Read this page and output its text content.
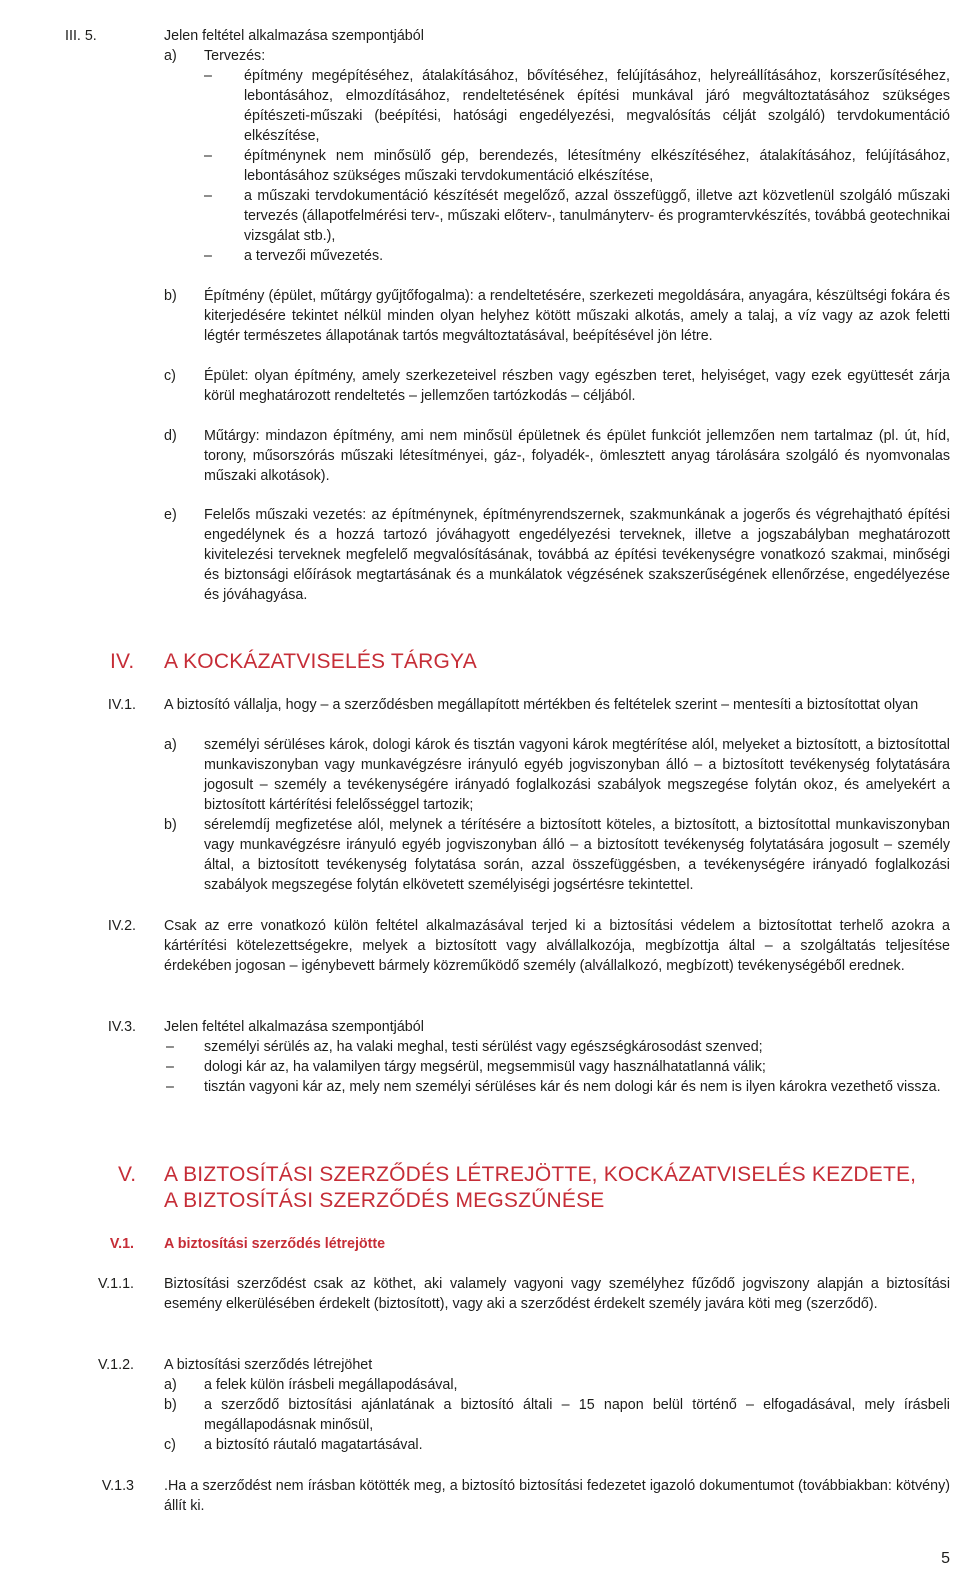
III. 5.	Jelen feltétel alkalmazása szempontjából
a) Tervezés:
– építmény megépítéséhez, átalakításához, bővítéséhez, felújításához, helyreállításához, korszerűsítéséhez, lebontásához, elmozdításához, rendeltetésének építési munkával járó megváltoztatásához szükséges építészeti-műszaki (beépítési, hatósági engedélyezési, megvalósítás célját szolgáló) tervdokumentáció elkészítése,
– építménynek nem minősülő gép, berendezés, létesítmény elkészítéséhez, átalakításához, felújításához, lebontásához szükséges műszaki tervdokumentáció elkészítése,
– a műszaki tervdokumentáció készítését megelőző, azzal összefüggő, illetve azt közvetlenül szolgáló műszaki tervezés (állapotfelmérési terv-, műszaki előterv-, tanulmányterv- és programtervkészítés, továbbá geotechnikai vizsgálat stb.),
– a tervezői művezetés.
b) Építmény (épület, műtárgy gyűjtőfogalma): a rendeltetésére, szerkezeti megoldására, anyagára, készültségi fokára és kiterjedésére tekintet nélkül minden olyan helyhez kötött műszaki alkotás, amely a talaj, a víz vagy az azok feletti légtér természetes állapotának tartós megváltoztatásával, beépítésével jön létre.
c) Épület: olyan építmény, amely szerkezeteivel részben vagy egészben teret, helyiséget, vagy ezek együttesét zárja körül meghatározott rendeltetés – jellemzően tartózkodás – céljából.
d) Műtárgy: mindazon építmény, ami nem minősül épületnek és épület funkciót jellemzően nem tartalmaz (pl. út, híd, torony, műsorszórás műszaki létesítményei, gáz-, folyadék-, ömlesztett anyag tárolására szolgáló és nyomvonalas műszaki alkotások).
e) Felelős műszaki vezetés: az építménynek, építményrendszernek, szakmunkának a jogerős és végrehajtható építési engedélynek és a hozzá tartozó jóváhagyott engedélyezési terveknek, illetve a jogszabályban meghatározott kivitelezési terveknek megfelelő megvalósításának, továbbá az építési tevékenységre vonatkozó szakmai, minőségi és biztonsági előírások megtartásának és a munkálatok végzésének szakszerűségének ellenőrzése, engedélyezése és jóváhagyása.
IV. A KOCKÁZATVISELÉS TÁRGYA
IV.1. A biztosító vállalja, hogy – a szerződésben megállapított mértékben és feltételek szerint – mentesíti a biztosítottat olyan
a) személyi sérüléses károk, dologi károk és tisztán vagyoni károk megtérítése alól, melyeket a biztosított, a biztosítottal munkaviszonyban vagy munkavégzésre irányuló egyéb jogviszonyban álló – a biztosított tevékenység folytatására jogosult – személy a tevékenységére irányadó foglalkozási szabályok megszegése folytán okoz, és amelyekért a biztosított kártérítési felelősséggel tartozik;
b) sérelemdíj megfizetése alól, melynek a térítésére a biztosított köteles, a biztosított, a biztosítottal munkaviszonyban vagy munkavégzésre irányuló egyéb jogviszonyban álló – a biztosított tevékenység folytatására jogosult – személy által, a biztosított tevékenység folytatása során, azzal összefüggésben, a tevékenységére irányadó foglalkozási szabályok megszegése folytán elkövetett személyiségi jogsértésre tekintettel.
IV.2. Csak az erre vonatkozó külön feltétel alkalmazásával terjed ki a biztosítási védelem a biztosítottat terhelő azokra a kártérítési kötelezettségekre, melyek a biztosított vagy alvállalkozója, megbízottja által – a szolgáltatás teljesítése érdekében jogosan – igénybevett bármely közreműködő személy (alvállalkozó, megbízott) tevékenységéből erednek.
IV.3. Jelen feltétel alkalmazása szempontjából
– személyi sérülés az, ha valaki meghal, testi sérülést vagy egészségkárosodást szenved;
– dologi kár az, ha valamilyen tárgy megsérül, megsemmisül vagy használhatatlanná válik;
– tisztán vagyoni kár az, mely nem személyi sérüléses kár és nem dologi kár és nem is ilyen károkra vezethető vissza.
V. A BIZTOSÍTÁSI SZERZŐDÉS LÉTREJÖTTE, KOCKÁZATVISELÉS KEZDETE,
A BIZTOSÍTÁSI SZERZŐDÉS MEGSZŰNÉSE
V.1. A biztosítási szerződés létrejötte
V.1.1. Biztosítási szerződést csak az köthet, aki valamely vagyoni vagy személyhez fűződő jogviszony alapján a biztosítási esemény elkerülésében érdekelt (biztosított), vagy aki a szerződést érdekelt személy javára köti meg (szerződő).
V.1.2. A biztosítási szerződés létrejöhet
a) a felek külön írásbeli megállapodásával,
b) a szerződő biztosítási ajánlatának a biztosító általi – 15 napon belül történő – elfogadásával, mely írásbeli megállapodásnak minősül,
c) a biztosító ráutaló magatartásával.
V.1.3 .Ha a szerződést nem írásban kötötték meg, a biztosító biztosítási fedezetet igazoló dokumentumot (továbbiakban: kötvény) állít ki.
5
